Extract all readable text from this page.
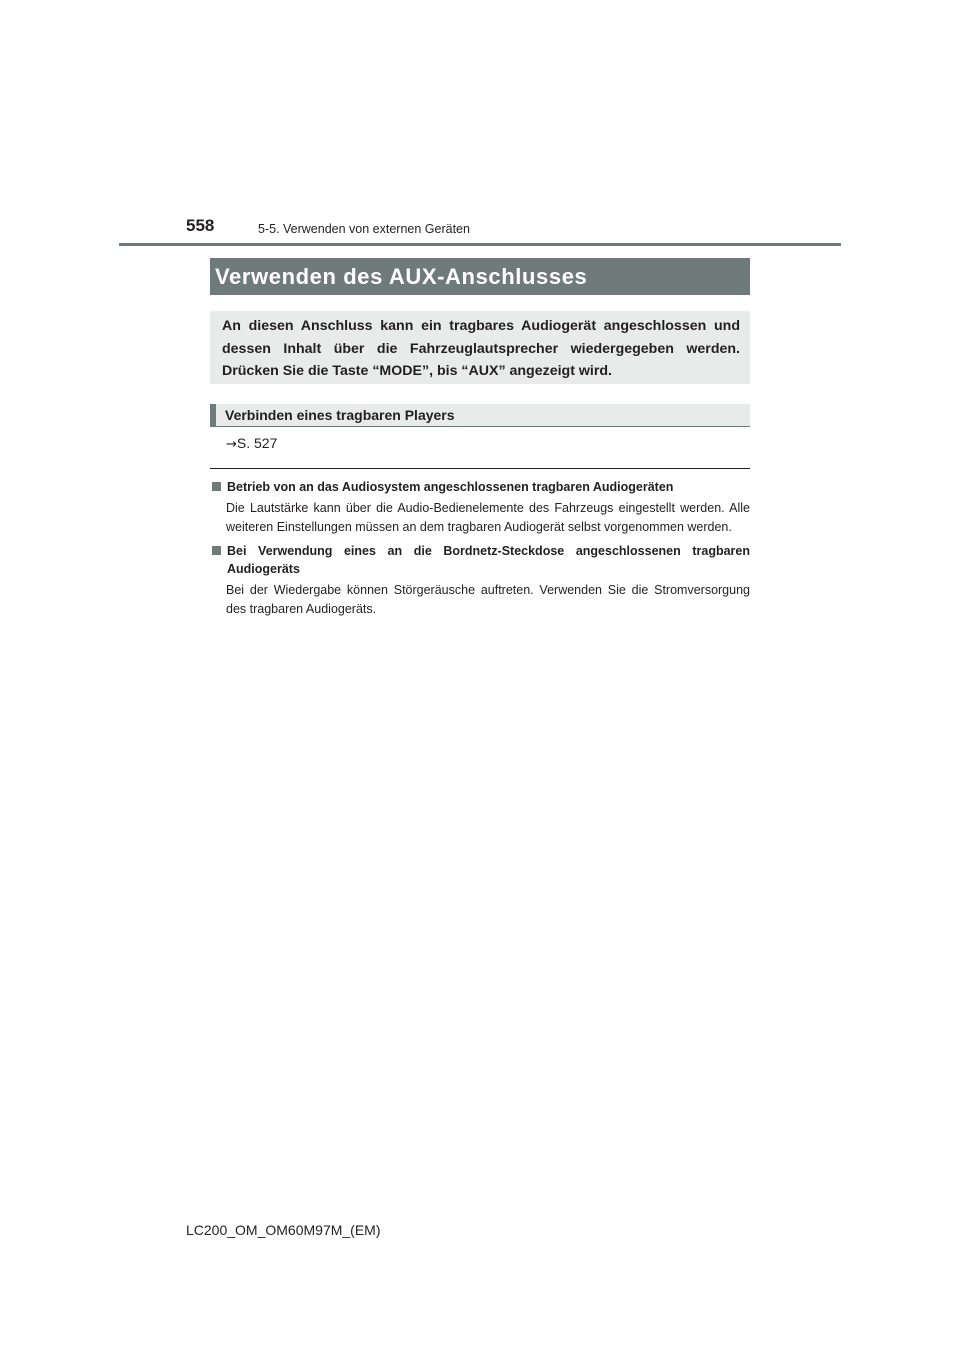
558	5-5. Verwenden von externen Geräten
Verwenden des AUX-Anschlusses

An diesen Anschluss kann ein tragbares Audiogerät angeschlossen und dessen Inhalt über die Fahrzeuglautsprecher wiedergegeben werden. Drücken Sie die Taste “MODE”, bis “AUX” angezeigt wird.

Verbinden eines tragbaren Players
→S. 527
Betrieb von an das Audiosystem angeschlossenen tragbaren Audiogeräten
Die Lautstärke kann über die Audio-Bedienelemente des Fahrzeugs eingestellt werden. Alle weiteren Einstellungen müssen an dem tragbaren Audiogerät selbst vorgenommen werden.
Bei Verwendung eines an die Bordnetz-Steckdose angeschlossenen tragbaren Audiogeräts
Bei der Wiedergabe können Störgeräusche auftreten. Verwenden Sie die Stromversorgung des tragbaren Audiogeräts.
LC200_OM_OM60M97M_(EM)
